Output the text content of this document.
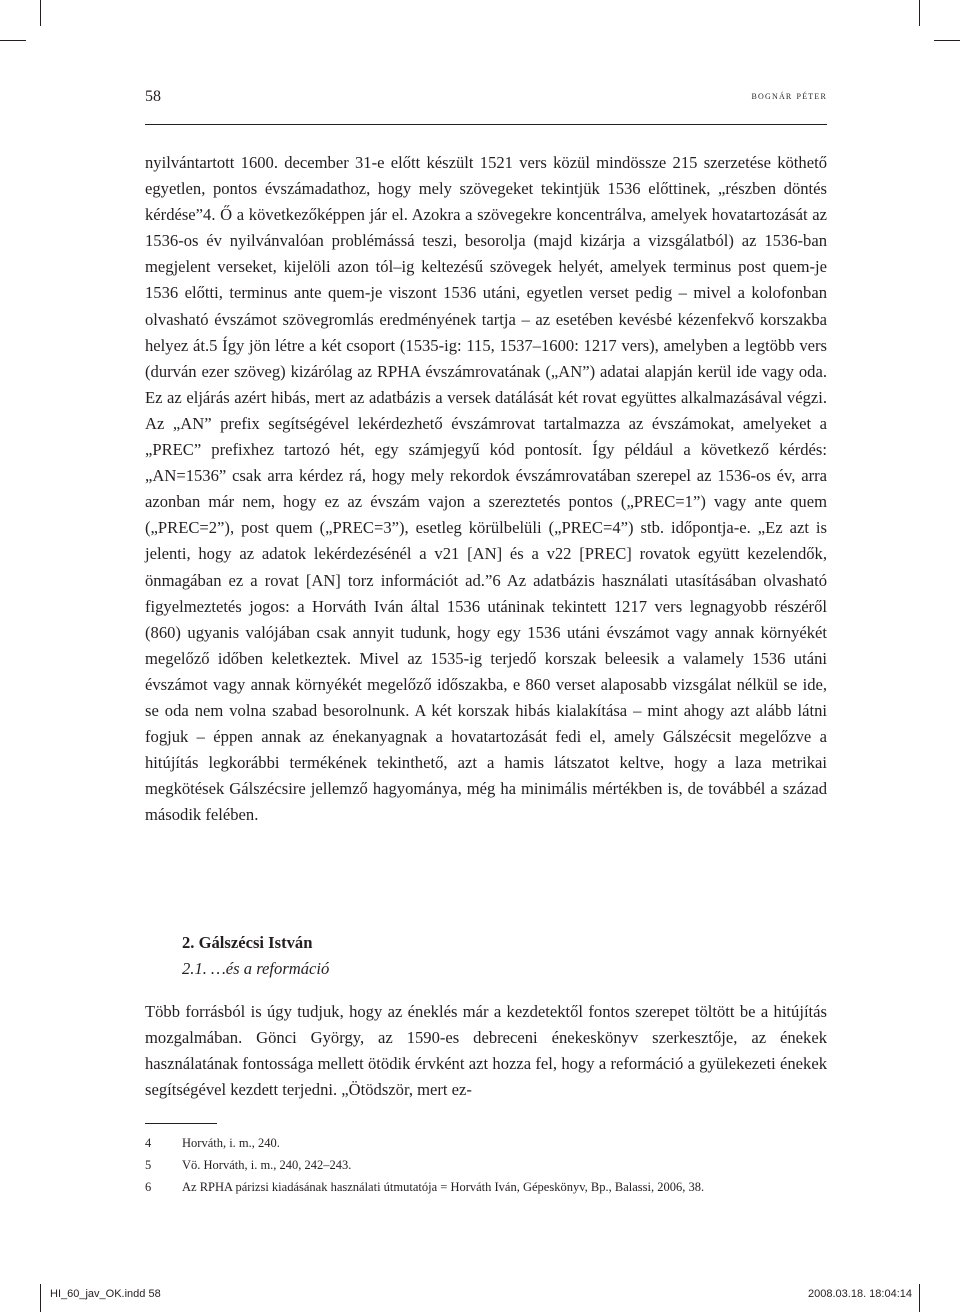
58	bognár péter

nyilvántartott 1600. december 31-e előtt készült 1521 vers közül mindössze 215 szerzetése köthető egyetlen, pontos évszámadathoz, hogy mely szövegeket tekintjük 1536 előttinek, „részben döntés kérdése”4. Ő a következőképpen jár el. Azokra a szövegekre koncentrálva, amelyek hovatartozását az 1536-os év nyilvánvalóan problémássá teszi, besorolja (majd kizárja a vizsgálatból) az 1536-ban megjelent verseket, kijelöli azon tól–ig keltezésű szövegek helyét, amelyek terminus post quem-je 1536 előtti, terminus ante quem-je viszont 1536 utáni, egyetlen verset pedig – mivel a kolofonban olvasható évszámot szövegromlás eredményének tartja – az esetében kevésbé kézenfekvő korszakba helyez át.5 Így jön létre a két csoport (1535-ig: 115, 1537–1600: 1217 vers), amelyben a legtöbb vers (durván ezer szöveg) kizárólag az RPHA évszámrovatának („AN”) adatai alapján kerül ide vagy oda. Ez az eljárás azért hibás, mert az adatbázis a versek datálását két rovat együttes alkalmazásával végzi. Az „AN” prefix segítségével lekérdezhető évszámrovat tartalmazza az évszámokat, amelyeket a „PREC” prefixhez tartozó hét, egy számjegyű kód pontosít. Így például a következő kérdés: „AN=1536” csak arra kérdez rá, hogy mely rekordok évszámrovatában szerepel az 1536-os év, arra azonban már nem, hogy ez az évszám vajon a szereztetés pontos („PREC=1”) vagy ante quem („PREC=2”), post quem („PREC=3”), esetleg körülbelüli („PREC=4”) stb. időpontja-e. „Ez azt is jelenti, hogy az adatok lekérdezésénél a v21 [AN] és a v22 [PREC] rovatok együtt kezelendők, önmagában ez a rovat [AN] torz információt ad.”6 Az adatbázis használati utasításában olvasható figyelmeztetés jogos: a Horváth Iván által 1536 utáninak tekintett 1217 vers legnagyobb részéről (860) ugyanis valójában csak annyit tudunk, hogy egy 1536 utáni évszámot vagy annak környékét megelőző időben keletkeztek. Mivel az 1535-ig terjedő korszak beleesik a valamely 1536 utáni évszámot vagy annak környékét megelőző időszakba, e 860 verset alaposabb vizsgálat nélkül se ide, se oda nem volna szabad besorolnunk. A két korszak hibás kialakítása – mint ahogy azt alább látni fogjuk – éppen annak az énekanyagnak a hovatartozását fedi el, amely Gálszécsit megelőzve a hitújítás legkorábbi termékének tekinthető, azt a hamis látszatot keltve, hogy a laza metrikai megkötések Gálszécsire jellemző hagyománya, még ha minimális mértékben is, de továbbél a század második felében.

2. Gálszécsi István
2.1. …és a reformáció

Több forrásból is úgy tudjuk, hogy az éneklés már a kezdetektől fontos szerepet töltött be a hitújítás mozgalmában. Gönci György, az 1590-es debreceni énekeskönyv szerkesztője, az énekek használatának fontossága mellett ötödik érvként azt hozza fel, hogy a reformáció a gyülekezeti énekek segítségével kezdett terjedni. „Ötödször, mert ez-

4 Horváth, i. m., 240.
5 Vö. Horváth, i. m., 240, 242–243.
6 Az RPHA párizsi kiadásának használati útmutatója = Horváth Iván, Gépeskönyv, Bp., Balassi, 2006, 38.
HI_60_jav_OK.indd 58	2008.03.18. 18:04:14
